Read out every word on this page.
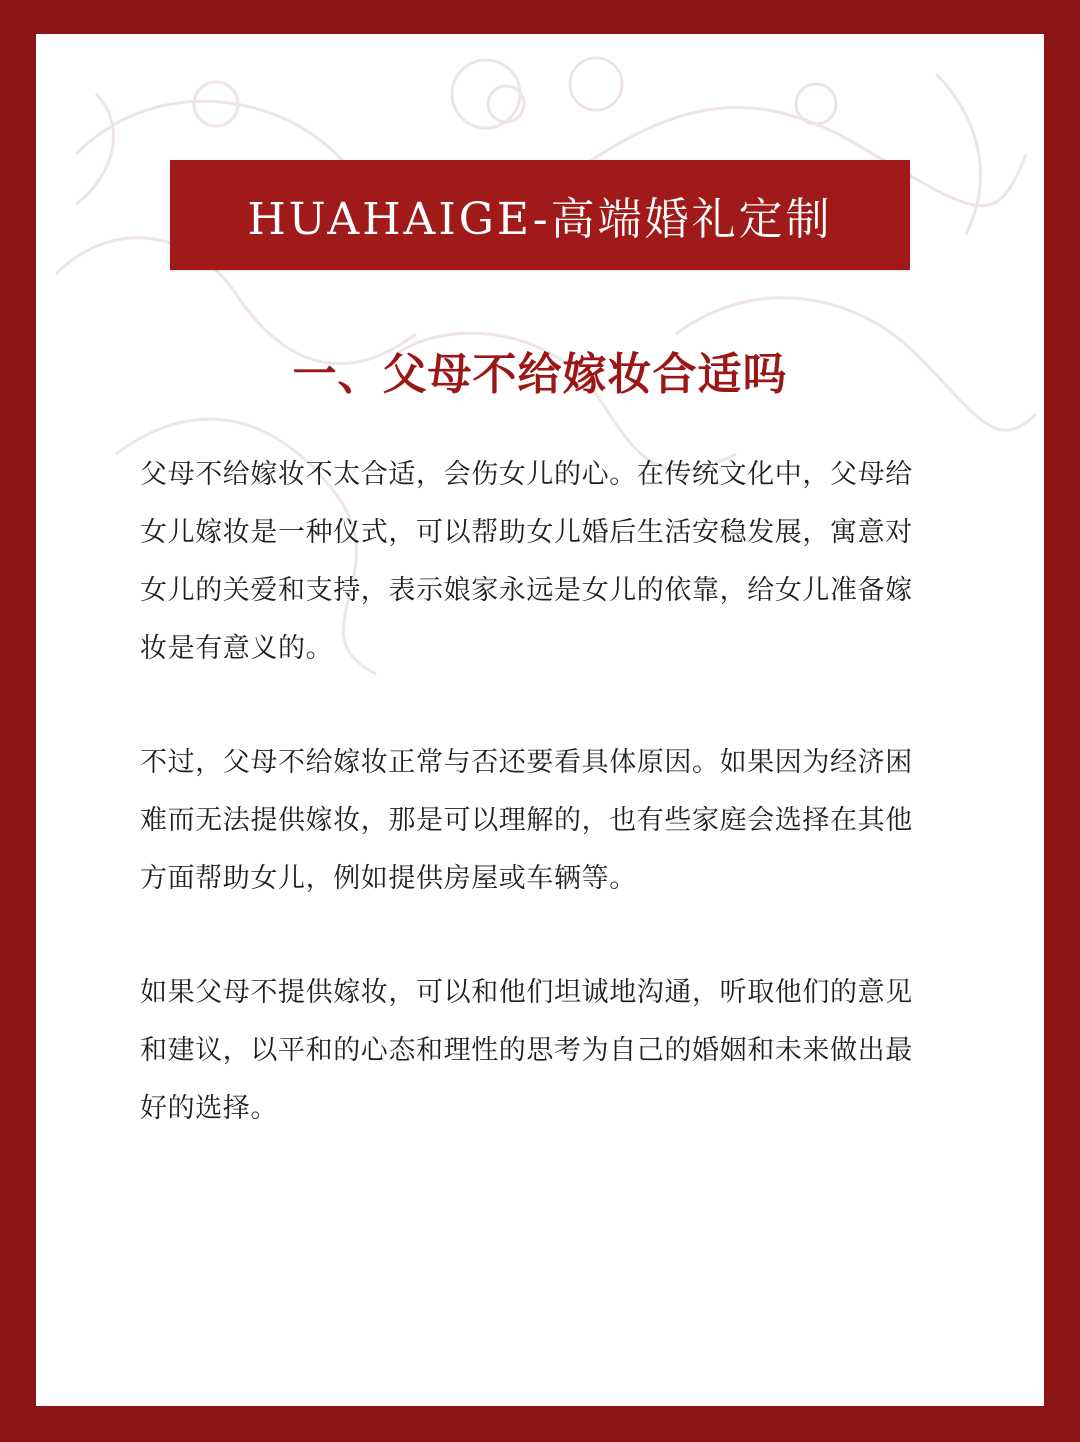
HUAHAIGE-高端婚礼定制
一、父母不给嫁妆合适吗

父母不给嫁妆不太合适，会伤女儿的心。在传统文化中，父母给女儿嫁妆是一种仪式，可以帮助女儿婚后生活安稳发展，寓意对女儿的关爱和支持，表示娘家永远是女儿的依靠，给女儿准备嫁妆是有意义的。

不过，父母不给嫁妆正常与否还要看具体原因。如果因为经济困难而无法提供嫁妆，那是可以理解的，也有些家庭会选择在其他方面帮助女儿，例如提供房屋或车辆等。

如果父母不提供嫁妆，可以和他们坦诚地沟通，听取他们的意见和建议，以平和的心态和理性的思考为自己的婚姻和未来做出最好的选择。
